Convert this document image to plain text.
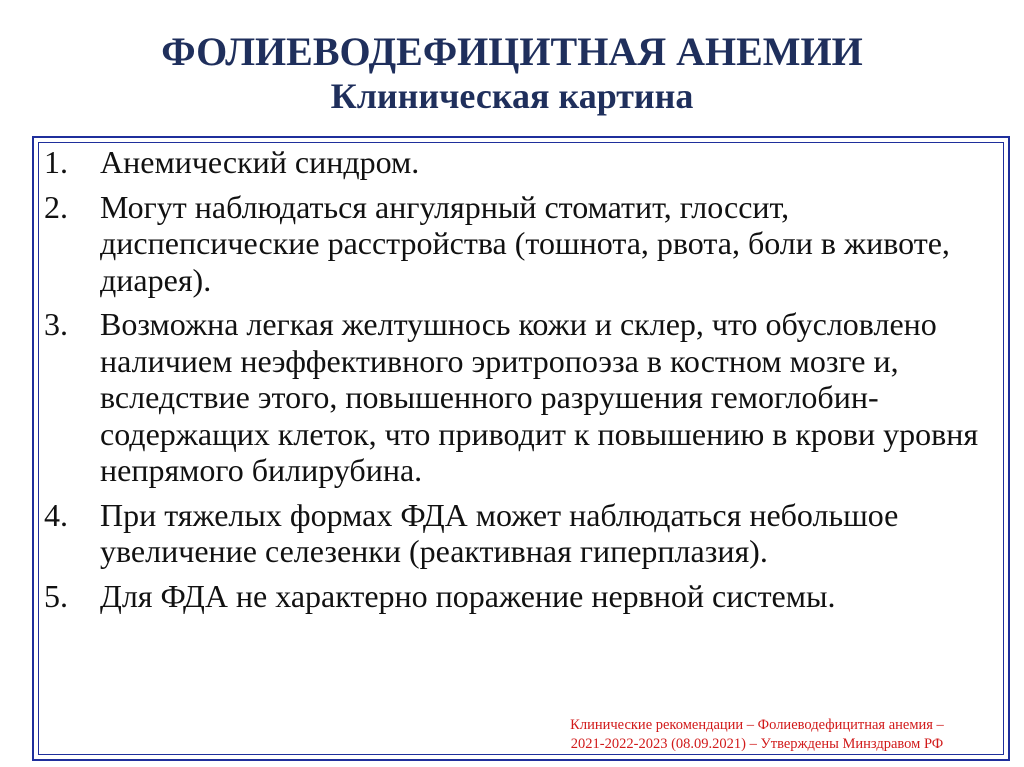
ФОЛИЕВОДЕФИЦИТНАЯ АНЕМИИ
Клиническая картина
1. Анемический синдром.
2. Могут наблюдаться ангулярный стоматит, глоссит, диспепсические расстройства (тошнота, рвота, боли в животе, диарея).
3. Возможна легкая желтушнось кожи и склер, что обусловлено наличием неэффективного эритропоэза в костном мозге и, вследствие этого, повышенного разрушения гемоглобин-содержащих клеток, что приводит к повышению в крови уровня непрямого билирубина.
4. При тяжелых формах ФДА может наблюдаться небольшое увеличение селезенки (реактивная гиперплазия).
5. Для ФДА не характерно поражение нервной системы.
Клинические рекомендации – Фолиеводефицитная анемия –
2021-2022-2023 (08.09.2021) – Утверждены Минздравом РФ
